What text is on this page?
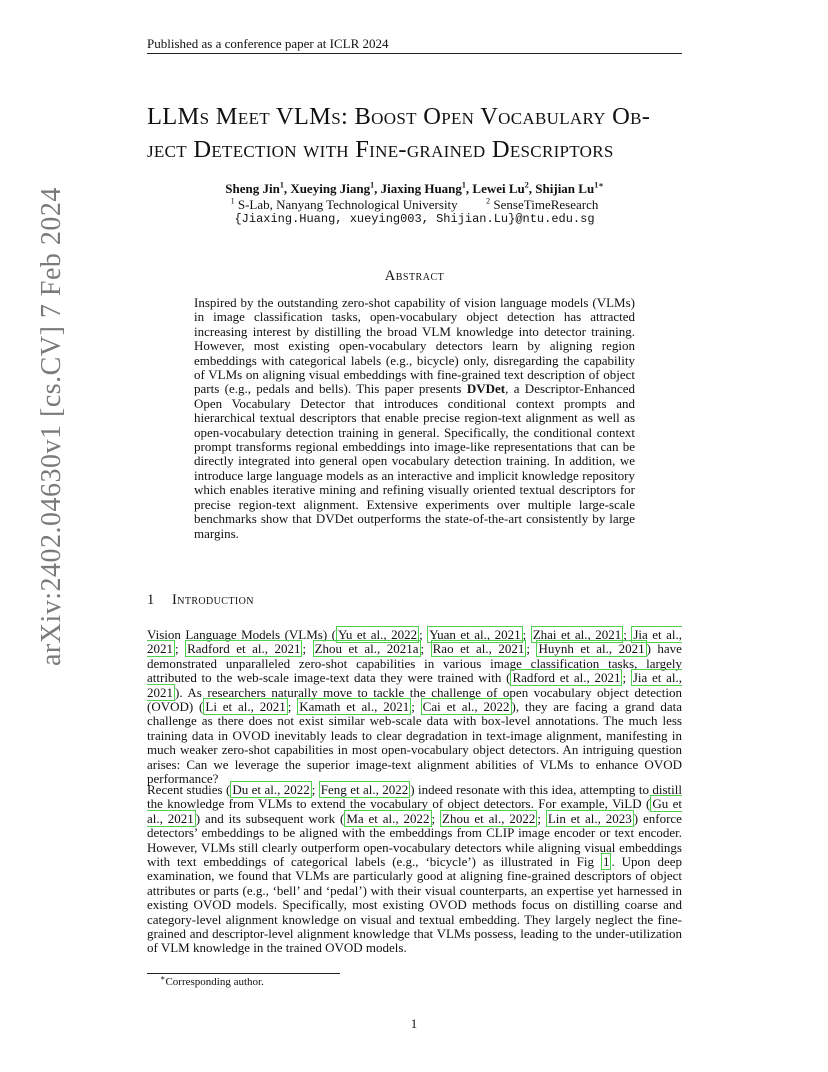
Published as a conference paper at ICLR 2024
arXiv:2402.04630v1 [cs.CV] 7 Feb 2024
LLMs Meet VLMs: Boost Open Vocabulary Ob-
ject Detection with Fine-grained Descriptors
Sheng Jin$^1$, Xueying Jiang$^1$, Jiaxing Huang$^1$, Lewei Lu$^2$, Shijian $Lu^{1∗}$
$^1$ S-Lab, Nanyang Technological University	$^2$ SenseTimeResearch
{Jiaxing.Huang, xueying003, Shijian.Lu}@ntu.edu.sg
Abstract

Inspired by the outstanding zero-shot capability of vision language models (VLMs) in image classification tasks, open-vocabulary object detection has attracted increasing interest by distilling the broad VLM knowledge into detector training. However, most existing open-vocabulary detectors learn by aligning region embeddings with categorical labels (e.g., bicycle) only, disregarding the capability of VLMs on aligning visual embeddings with fine-grained text description of object parts (e.g., pedals and bells). This paper presents DVDet, a Descriptor-Enhanced Open Vocabulary Detector that introduces conditional context prompts and hierarchical textual descriptors that enable precise region-text alignment as well as open-vocabulary detection training in general. Specifically, the conditional context prompt transforms regional embeddings into image-like representations that can be directly integrated into general open vocabulary detection training. In addition, we introduce large language models as an interactive and implicit knowledge repository which enables iterative mining and refining visually oriented textual descriptors for precise region-text alignment. Extensive experiments over multiple large-scale benchmarks show that DVDet outperforms the state-of-the-art consistently by large margins.

1 Introduction

Vision Language Models (VLMs) ( Yu et al., 2022 ; Yuan et al., 2021 ; Zhai et al., 2021 ; Jia et al., 2021 ; Radford et al., 2021 ; Zhou et al., 2021a ; Rao et al., 2021 ; Huynh et al., 2021 ) have demonstrated unparalleled zero-shot capabilities in various image classification tasks, largely attributed to the web-scale image-text data they were trained with ( Radford et al., 2021 ; Jia et al., 2021 ). As researchers naturally move to tackle the challenge of open vocabulary object detection (OVOD) ( Li et al., 2021 ; Kamath et al., 2021 ; Cai et al., 2022 ), they are facing a grand data challenge as there does not exist similar web-scale data with box-level annotations. The much less training data in OVOD inevitably leads to clear degradation in text-image alignment, manifesting in much weaker zero-shot capabilities in most open-vocabulary object detectors. An intriguing question arises: Can we leverage the superior image-text alignment abilities of VLMs to enhance OVOD performance?

Recent studies ( Du et al., 2022 ; Feng et al., 2022 ) indeed resonate with this idea, attempting to distill the knowledge from VLMs to extend the vocabulary of object detectors. For example, ViLD ( Gu et al., 2021 ) and its subsequent work ( Ma et al., 2022 ; Zhou et al., 2022 ; Lin et al., 2023 ) enforce detectors’ embeddings to be aligned with the embeddings from CLIP image encoder or text encoder. However, VLMs still clearly outperform open-vocabulary detectors while aligning visual embeddings with text embeddings of categorical labels (e.g., ‘bicycle’) as illustrated in Fig 1 . Upon deep examination, we found that VLMs are particularly good at aligning fine-grained descriptors of object attributes or parts (e.g., ‘bell’ and ‘pedal’) with their visual counterparts, an expertise yet harnessed in existing OVOD models. Specifically, most existing OVOD methods focus on distilling coarse and category-level alignment knowledge on visual and textual embedding. They largely neglect the fine-grained and descriptor-level alignment knowledge that VLMs possess, leading to the under-utilization of VLM knowledge in the trained OVOD models.

∗Corresponding author.
1
